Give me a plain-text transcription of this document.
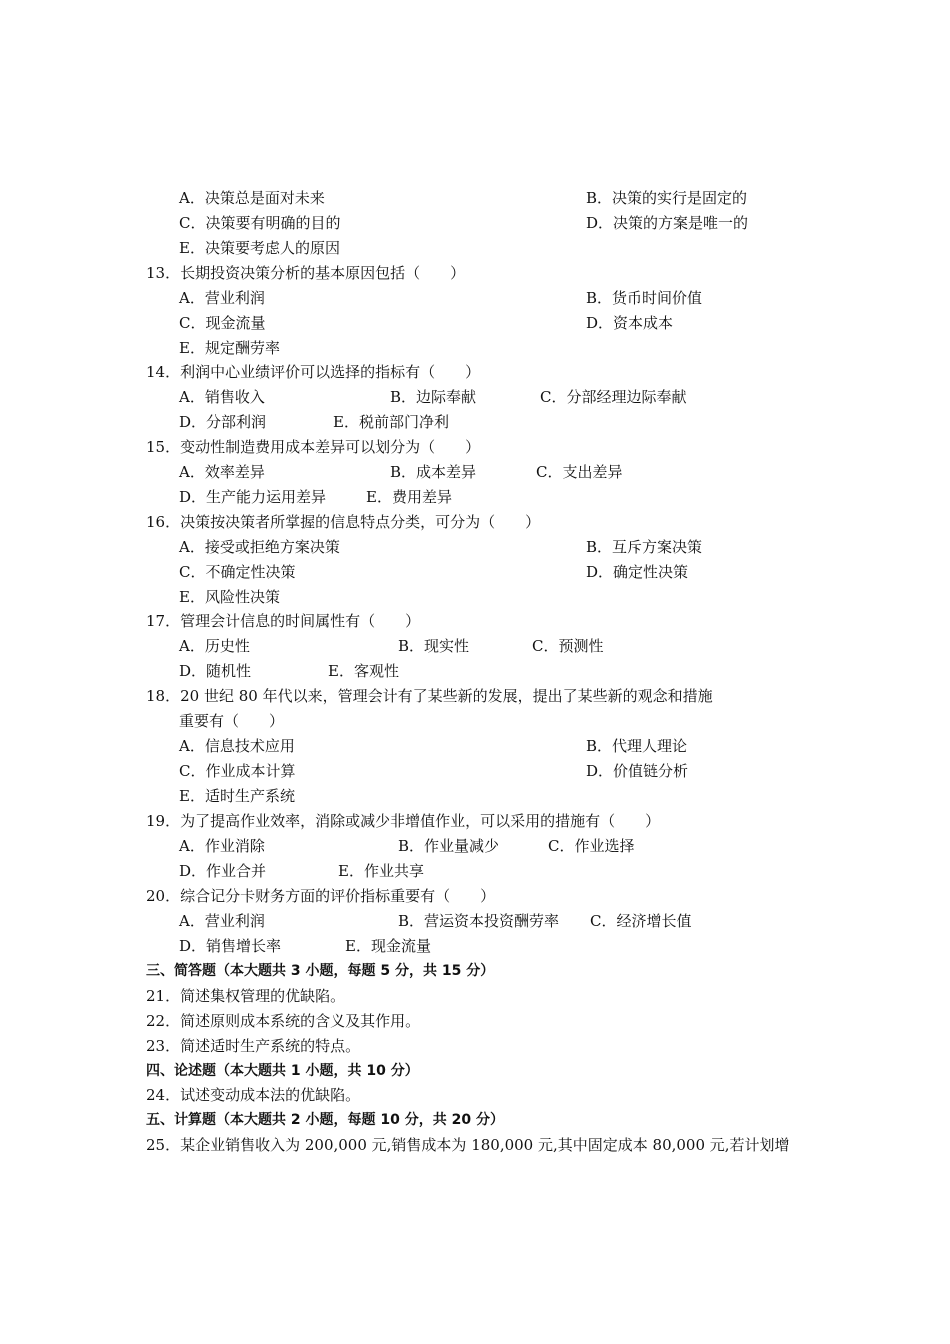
A．决策总是面对未来	B．决策的实行是固定的
C．决策要有明确的目的	D．决策的方案是唯一的
E．决策要考虑人的原因
13．长期投资决策分析的基本原因包括（　　）
A．营业利润	B．货币时间价值
C．现金流量	D．资本成本
E．规定酬劳率
14．利润中心业绩评价可以选择的指标有（　　）
A．销售收入	B．边际奉献	C．分部经理边际奉献
D．分部利润	E．税前部门净利
15．变动性制造费用成本差异可以划分为（　　）
A．效率差异	B．成本差异	C．支出差异
D．生产能力运用差异	E．费用差异
16．决策按决策者所掌握的信息特点分类，可分为（　　）
A．接受或拒绝方案决策	B．互斥方案决策
C．不确定性决策	D．确定性决策
E．风险性决策
17．管理会计信息的时间属性有（　　）
A．历史性	B．现实性	C．预测性
D．随机性	E．客观性
18．20 世纪 80 年代以来，管理会计有了某些新的发展，提出了某些新的观念和措施
重要有（　　）
A．信息技术应用	B．代理人理论
C．作业成本计算	D．价值链分析
E．适时生产系统
19．为了提高作业效率，消除或减少非增值作业，可以采用的措施有（　　）
A．作业消除	B．作业量减少	C．作业选择
D．作业合并	E．作业共享
20．综合记分卡财务方面的评价指标重要有（　　）
A．营业利润	B．营运资本投资酬劳率 C．经济增长值
D．销售增长率	E．现金流量
三、简答题（本大题共 3 小题，每题 5 分，共 15 分）
21．简述集权管理的优缺陷。
22．简述原则成本系统的含义及其作用。
23．简述适时生产系统的特点。
四、论述题（本大题共 1 小题，共 10 分）
24．试述变动成本法的优缺陷。
五、计算题（本大题共 2 小题，每题 10 分，共 20 分）
25．某企业销售收入为 200,000 元,销售成本为 180,000 元,其中固定成本 80,000 元,若计划增
